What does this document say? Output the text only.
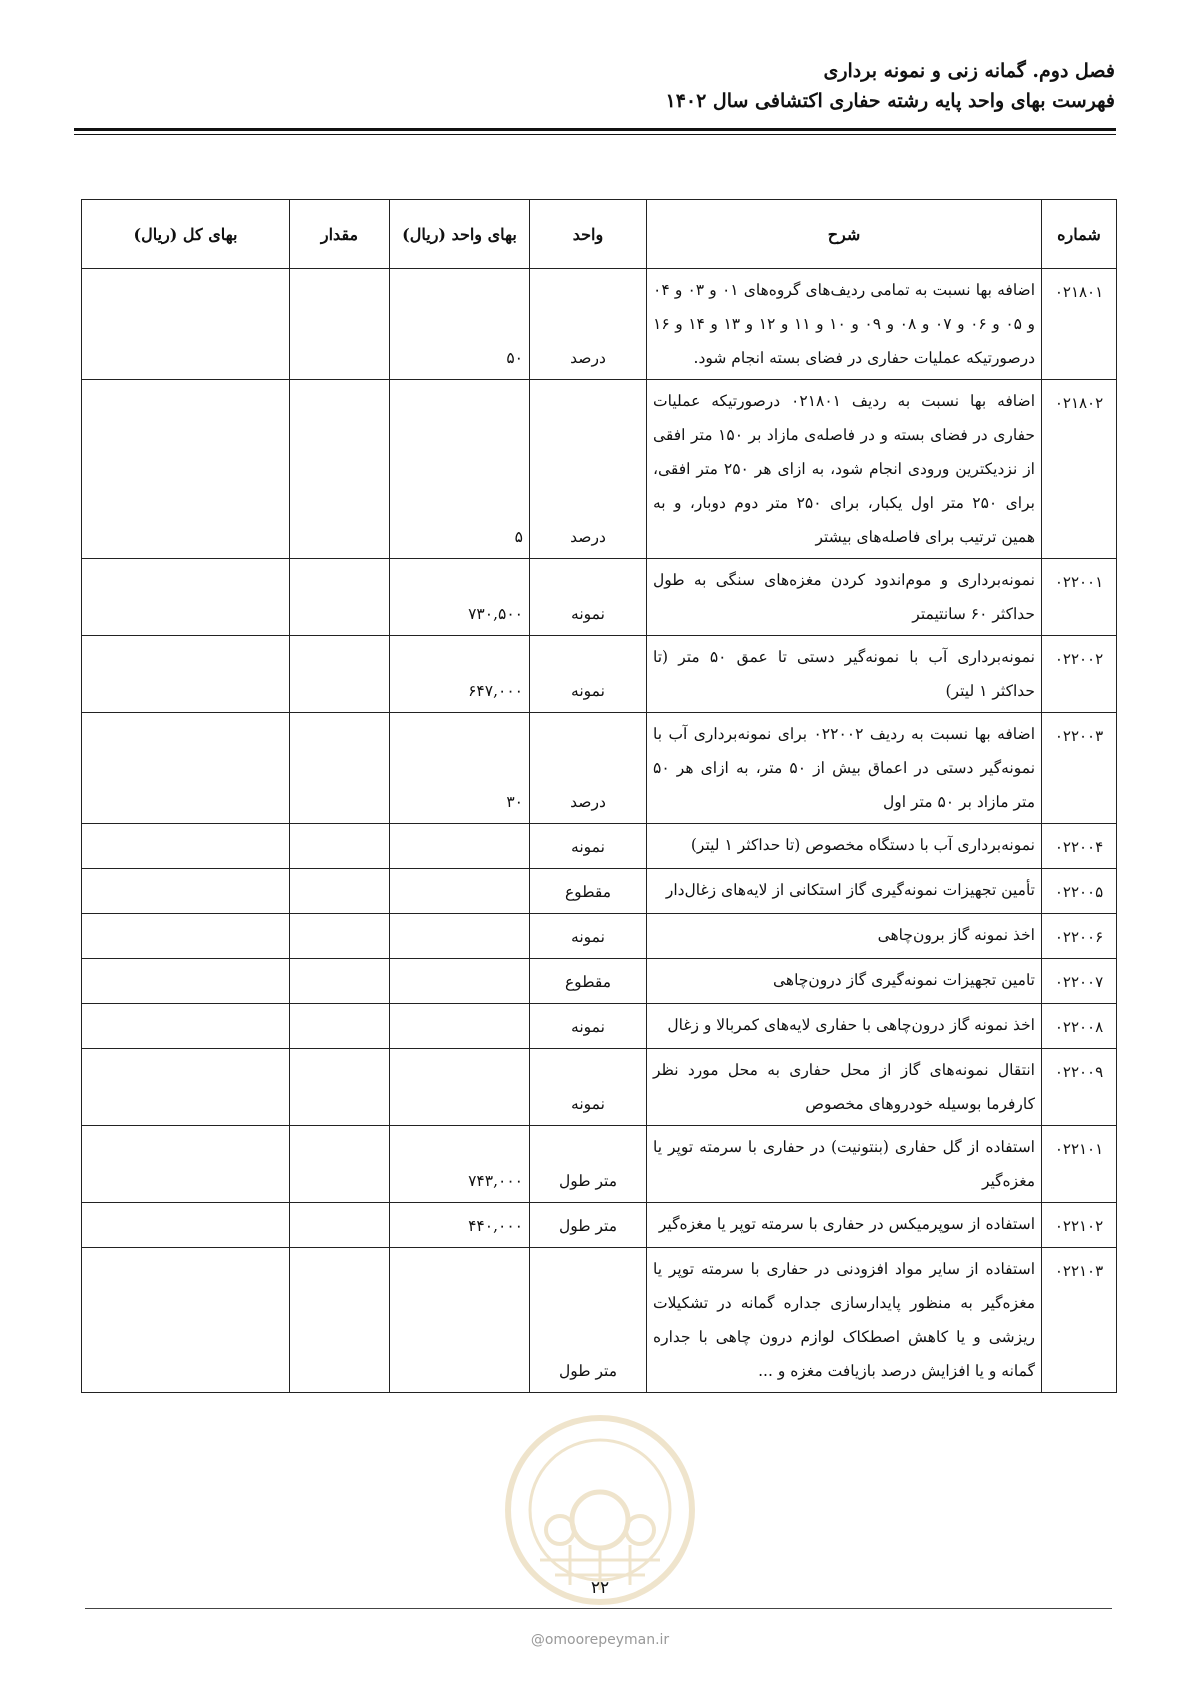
فصل دوم. گمانه زنی و نمونه برداری
فهرست بهای واحد پایه رشته حفاری اکتشافی سال ۱۴۰۲
شماره	شرح	واحد	بهای واحد (ریال)	مقدار	بهای کل (ریال)
۰۲۱۸۰۱	اضافه بها نسبت به تمامی ردیف‌های گروه‌های ۰۱ و ۰۳ و ۰۴ و ۰۵ و ۰۶ و ۰۷ و ۰۸ و ۰۹ و ۱۰ و ۱۱ و ۱۲ و ۱۳ و ۱۴ و ۱۶ درصورتیکه عملیات حفاری در فضای بسته انجام شود.	درصد	۵۰		
۰۲۱۸۰۲	اضافه بها نسبت به ردیف ۰۲۱۸۰۱ درصورتیکه عملیات حفاری در فضای بسته و در فاصله‌ی مازاد بر ۱۵۰ متر افقی از نزدیکترین ورودی انجام شود، به ازای هر ۲۵۰ متر افقی، برای ۲۵۰ متر اول یکبار، برای ۲۵۰ متر دوم دوبار، و به همین ترتیب برای فاصله‌های بیشتر	درصد	۵		
۰۲۲۰۰۱	نمونه‌برداری و موم‌اندود کردن مغزه‌های سنگی به طول حداکثر ۶۰ سانتیمتر	نمونه	۷۳۰,۵۰۰		
۰۲۲۰۰۲	نمونه‌برداری آب با نمونه‌گیر دستی تا عمق ۵۰ متر (تا حداکثر ۱ لیتر)	نمونه	۶۴۷,۰۰۰		
۰۲۲۰۰۳	اضافه بها نسبت به ردیف ۰۲۲۰۰۲ برای نمونه‌برداری آب با نمونه‌گیر دستی در اعماق بیش از ۵۰ متر، به ازای هر ۵۰ متر مازاد بر ۵۰ متر اول	درصد	۳۰		
۰۲۲۰۰۴	نمونه‌برداری آب با دستگاه مخصوص (تا حداکثر ۱ لیتر)	نمونه			
۰۲۲۰۰۵	تأمین تجهیزات نمونه‌گیری گاز استکانی از لایه‌های زغال‌دار	مقطوع			
۰۲۲۰۰۶	اخذ نمونه گاز برون‌چاهی	نمونه			
۰۲۲۰۰۷	تامین تجهیزات نمونه‌گیری گاز درون‌چاهی	مقطوع			
۰۲۲۰۰۸	اخذ نمونه گاز درون‌چاهی با حفاری لایه‌های کمربالا و زغال	نمونه			
۰۲۲۰۰۹	انتقال نمونه‌های گاز از محل حفاری به محل مورد نظر کارفرما بوسیله خودروهای مخصوص	نمونه			
۰۲۲۱۰۱	استفاده از گل حفاری (بنتونیت) در حفاری با سرمته توپر یا مغزه‌گیر	متر طول	۷۴۳,۰۰۰		
۰۲۲۱۰۲	استفاده از سوپرمیکس در حفاری با سرمته توپر یا مغزه‌گیر	متر طول	۴۴۰,۰۰۰		
۰۲۲۱۰۳	استفاده از سایر مواد افزودنی در حفاری با سرمته توپر یا مغزه‌گیر به منظور پایدارسازی جداره گمانه در تشکیلات ریزشی و یا کاهش اصطکاک لوازم درون چاهی با جداره گمانه و یا افزایش درصد بازیافت مغزه و ...	متر طول			
۲۲
@omoorepeyman.ir
